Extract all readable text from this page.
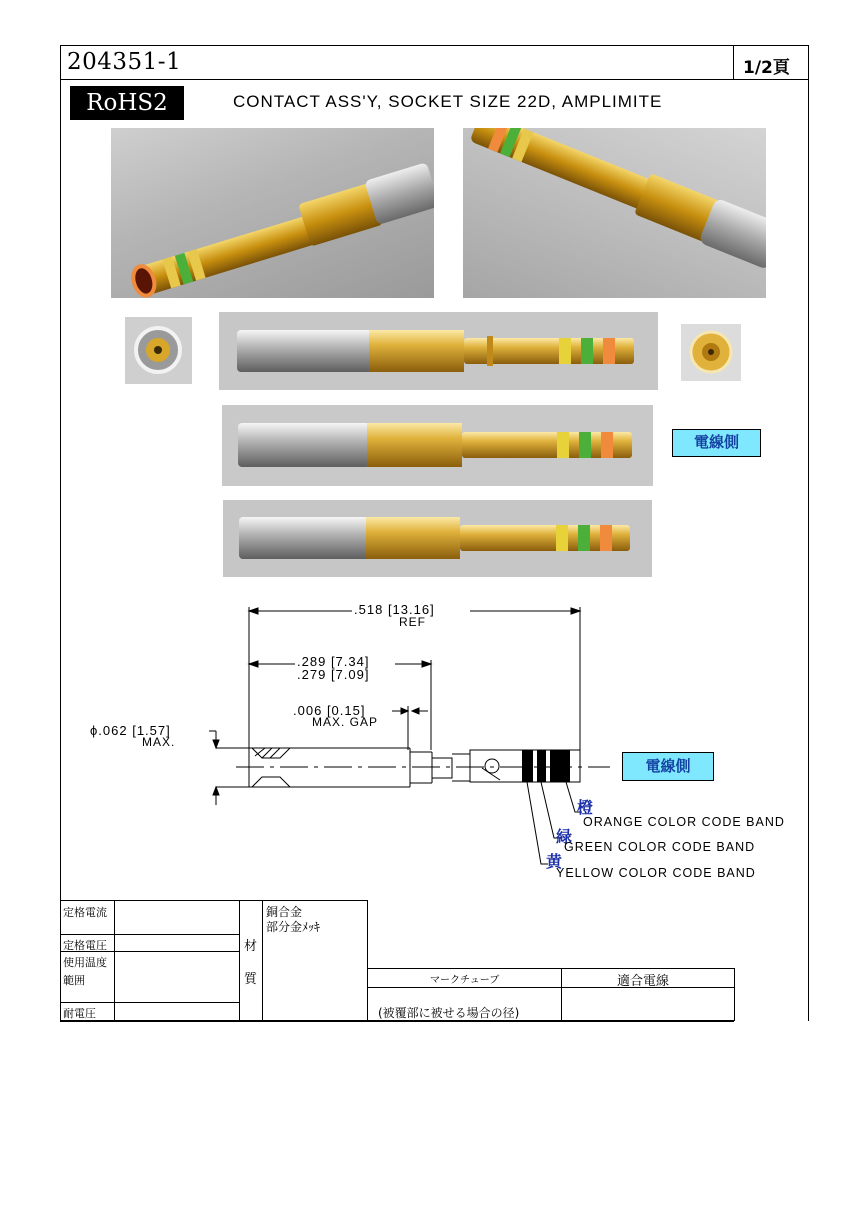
204351-1	1/2頁
RoHS2	CONTACT ASS'Y, SOCKET SIZE 22D, AMPLIMITE
電線側
.518 [13.16]
REF
.289 [7.34]
.279 [7.09]
.006 [0.15]
MAX. GAP
ϕ.062 [1.57]
MAX.
電線側
橙
ORANGE COLOR CODE BAND
緑
GREEN COLOR CODE BAND
黄
YELLOW COLOR CODE BAND
定格電流
定格電圧
使用温度
範囲
耐電圧
材
質
銅合金
部分金ﾒｯｷ
マークチューブ	適合電線
(被覆部に被せる場合の径)
